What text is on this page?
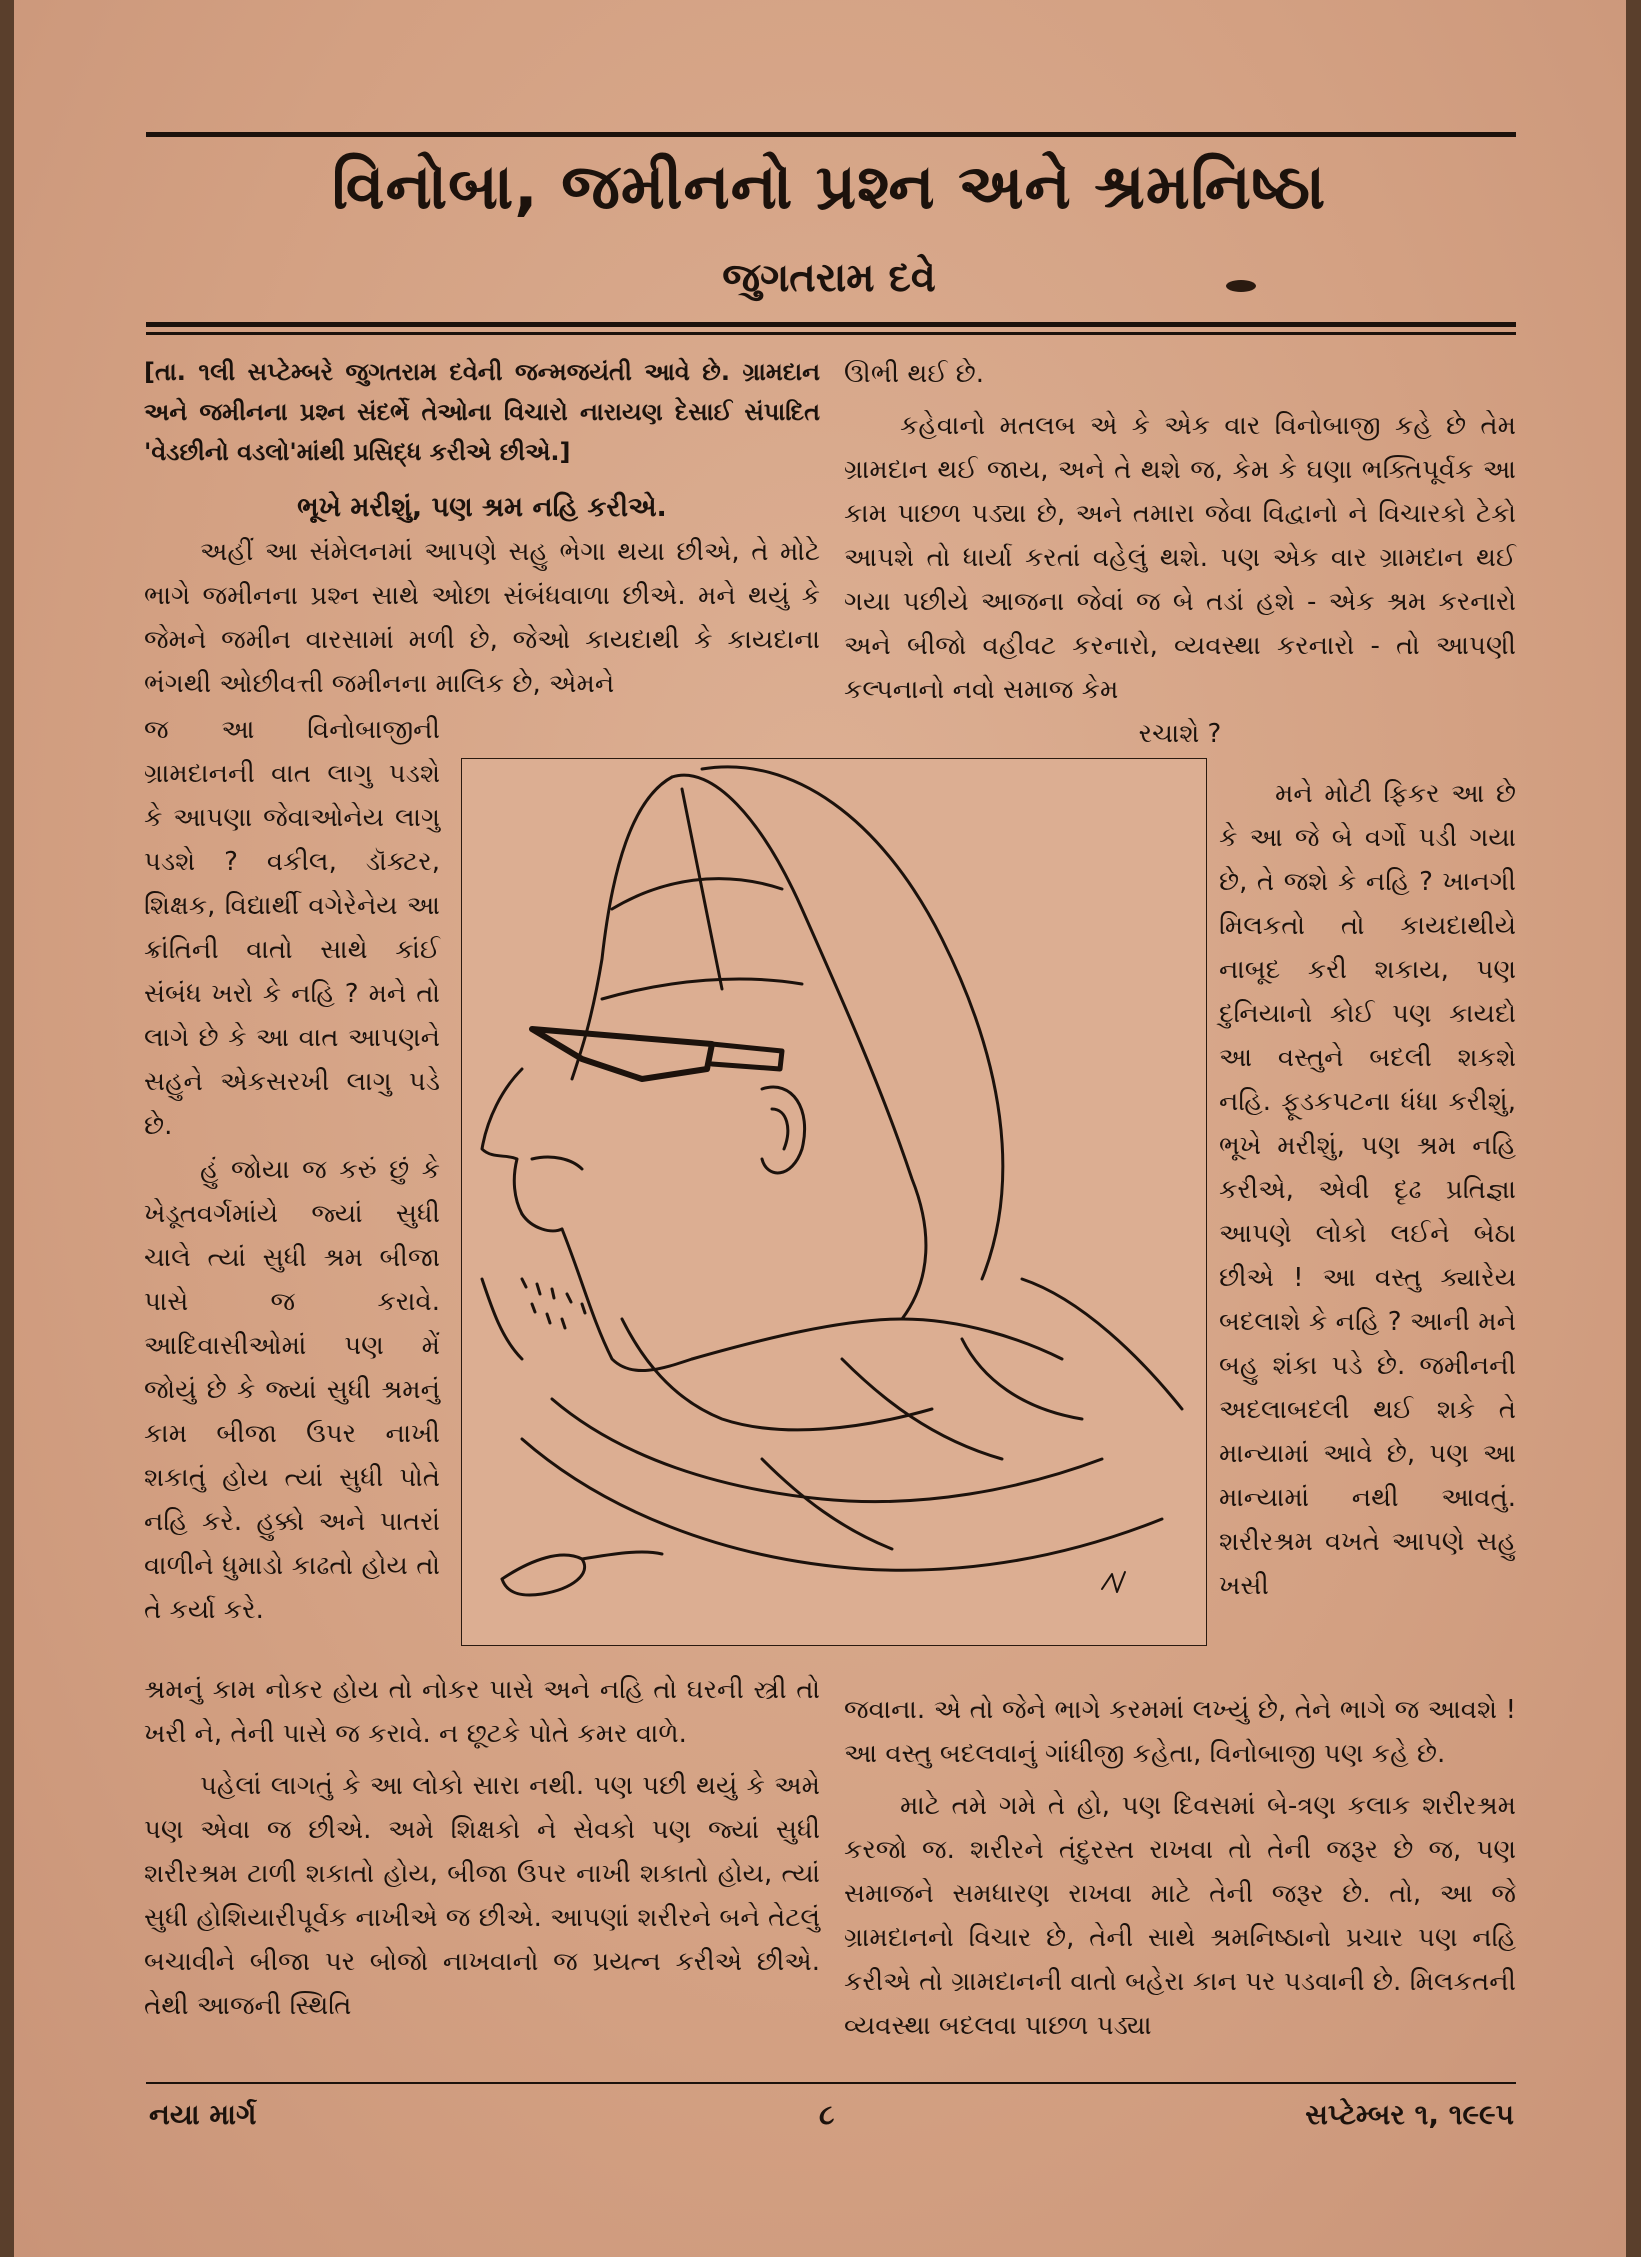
વિનોબા, જમીનનો પ્રશ્ન અને શ્રમનિષ્ઠા
જુગતરામ દવે

[તા. ૧લી સપ્ટેમ્બરે જુગતરામ દવેની જન્મજયંતી આવે છે. ગ્રામદાન અને જમીનના પ્રશ્ન સંદર્ભે તેઓના વિચારો નારાયણ દેસાઈ સંપાદિત 'વેડછીનો વડલો'માંથી પ્રસિદ્ધ કરીએ છીએ.]

ભૂખે મરીશું, પણ શ્રમ નહિ કરીએ.

અહીં આ સંમેલનમાં આપણે સહુ ભેગા થયા છીએ, તે મોટે ભાગે જમીનના પ્રશ્ન સાથે ઓછા સંબંધવાળા છીએ. મને થયું કે જેમને જમીન વારસામાં મળી છે, જેઓ કાયદાથી કે કાયદાના ભંગથી ઓછીવત્તી જમીનના માલિક છે, એમને

જ આ વિનોબાજીની ગ્રામદાનની વાત લાગુ પડશે કે આપણા જેવાઓનેય લાગુ પડશે ? વકીલ, ડૉક્ટર, શિક્ષક, વિદ્યાર્થી વગેરેનેય આ ક્રાંતિની વાતો સાથે કાંઈ સંબંધ ખરો કે નહિ ? મને તો લાગે છે કે આ વાત આપણને સહુને એકસરખી લાગુ પડે છે.

હું જોયા જ કરું છું કે ખેડૂતવર્ગમાંયે જ્યાં સુધી ચાલે ત્યાં સુધી શ્રમ બીજા પાસે જ કરાવે. આદિવાસીઓમાં પણ મેં જોયું છે કે જ્યાં સુધી શ્રમનું કામ બીજા ઉપર નાખી શકાતું હોય ત્યાં સુધી પોતે નહિ કરે. હુક્કો અને પાતરાં વાળીને ધુમાડો કાઢતો હોય તો તે કર્યા કરે.

શ્રમનું કામ નોકર હોય તો નોકર પાસે અને નહિ તો ઘરની સ્ત્રી તો ખરી ને, તેની પાસે જ કરાવે. ન છૂટકે પોતે કમર વાળે.

પહેલાં લાગતું કે આ લોકો સારા નથી. પણ પછી થયું કે અમે પણ એવા જ છીએ. અમે શિક્ષકો ને સેવકો પણ જ્યાં સુધી શરીરશ્રમ ટાળી શકાતો હોય, બીજા ઉપર નાખી શકાતો હોય, ત્યાં સુધી હોશિયારીપૂર્વક નાખીએ જ છીએ. આપણાં શરીરને બને તેટલું બચાવીને બીજા પર બોજો નાખવાનો જ પ્રયત્ન કરીએ છીએ. તેથી આજની સ્થિતિ

ઊભી થઈ છે.

કહેવાનો મતલબ એ કે એક વાર વિનોબાજી કહે છે તેમ ગ્રામદાન થઈ જાય, અને તે થશે જ, કેમ કે ઘણા ભક્તિપૂર્વક આ કામ પાછળ પડ્યા છે, અને તમારા જેવા વિદ્વાનો ને વિચારકો ટેકો આપશે તો ધાર્યા કરતાં વહેલું થશે. પણ એક વાર ગ્રામદાન થઈ ગયા પછીયે આજના જેવાં જ બે તડાં હશે - એક શ્રમ કરનારો અને બીજો વહીવટ કરનારો, વ્યવસ્થા કરનારો - તો આપણી કલ્પનાનો નવો સમાજ કેમ

રચાશે ?

મને મોટી ફિકર આ છે કે આ જે બે વર્ગો પડી ગયા છે, તે જશે કે નહિ ? ખાનગી મિલકતો તો કાયદાથીયે નાબૂદ કરી શકાય, પણ દુનિયાનો કોઈ પણ કાયદો આ વસ્તુને બદલી શકશે નહિ. ફૂડકપટના ધંધા કરીશું, ભૂખે મરીશું, પણ શ્રમ નહિ કરીએ, એવી દૃઢ પ્રતિજ્ઞા આપણે લોકો લઈને બેઠા છીએ ! આ વસ્તુ ક્યારેય બદલાશે કે નહિ ? આની મને બહુ શંકા પડે છે. જમીનની અદલાબદલી થઈ શકે તે માન્યામાં આવે છે, પણ આ માન્યામાં નથી આવતું. શરીરશ્રમ વખતે આપણે સહુ ખસી

જવાના. એ તો જેને ભાગે કરમમાં લખ્યું છે, તેને ભાગે જ આવશે ! આ વસ્તુ બદલવાનું ગાંધીજી કહેતા, વિનોબાજી પણ કહે છે.

માટે તમે ગમે તે હો, પણ દિવસમાં બે-ત્રણ કલાક શરીરશ્રમ કરજો જ. શરીરને તંદુરસ્ત રાખવા તો તેની જરૂર છે જ, પણ સમાજને સમધારણ રાખવા માટે તેની જરૂર છે. તો, આ જે ગ્રામદાનનો વિચાર છે, તેની સાથે શ્રમનિષ્ઠાનો પ્રચાર પણ નહિ કરીએ તો ગ્રામદાનની વાતો બહેરા કાન પર પડવાની છે. મિલકતની વ્યવસ્થા બદલવા પાછળ પડ્યા

નયા માર્ગ	૮	સપ્ટેમ્બર ૧, ૧૯૯૫
